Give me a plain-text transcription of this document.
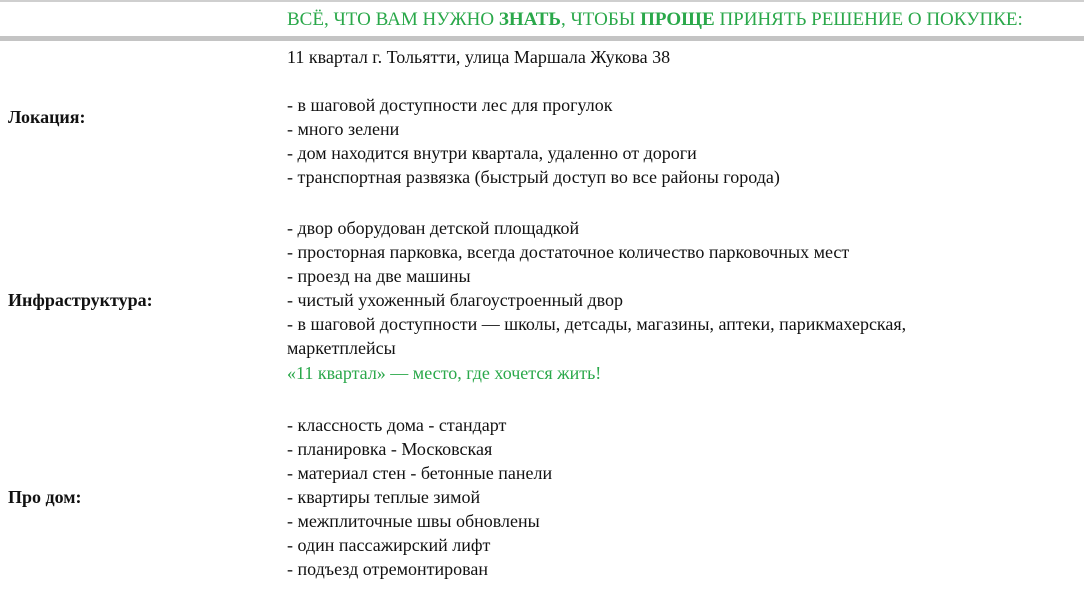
ВСЁ, ЧТО ВАМ НУЖНО ЗНАТЬ, ЧТОБЫ ПРОЩЕ ПРИНЯТЬ РЕШЕНИЕ О ПОКУПКЕ:
11 квартал г. Тольятти, улица Маршала Жукова 38
Локация:
- в шаговой доступности лес для прогулок
- много зелени
- дом находится внутри квартала, удаленно от дороги
- транспортная развязка (быстрый доступ во все районы города)
Инфраструктура:
- двор оборудован детской площадкой
- просторная парковка, всегда достаточное количество парковочных мест
- проезд на две машины
- чистый ухоженный благоустроенный двор
- в шаговой доступности — школы, детсады, магазины, аптеки, парикмахерская, маркетплейсы
«11 квартал» — место, где хочется жить!
Про дом:
- классность дома - стандарт
- планировка - Московская
- материал стен - бетонные панели
- квартиры теплые зимой
- межплиточные швы обновлены
- один пассажирский лифт
- подъезд отремонтирован
